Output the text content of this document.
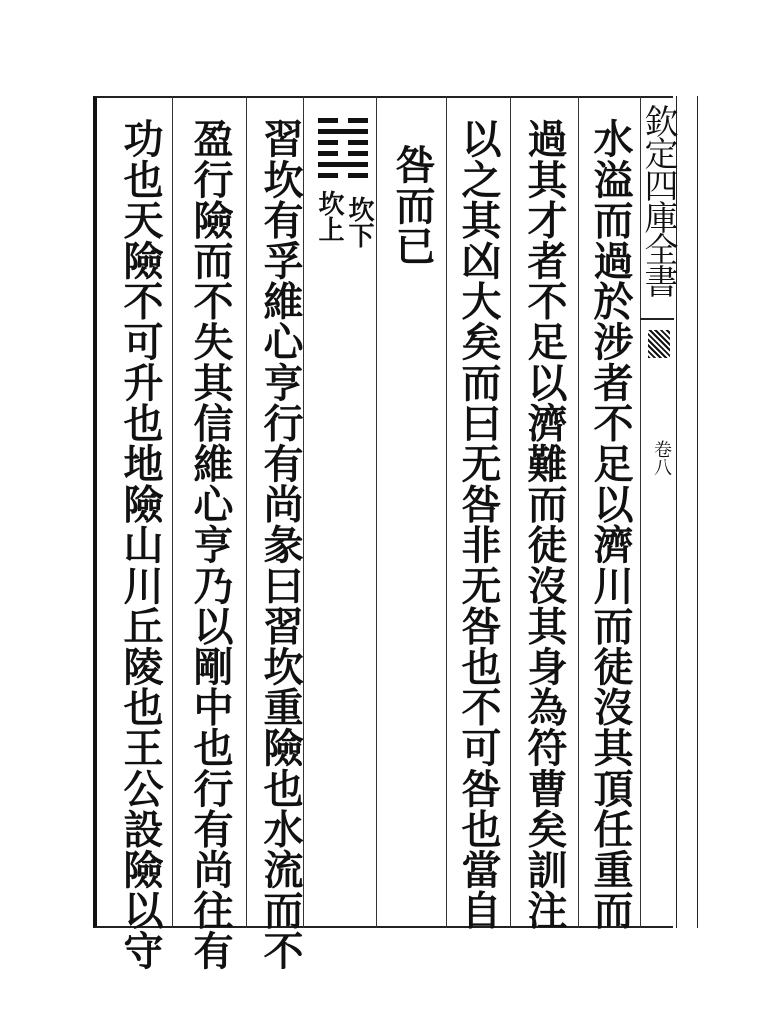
欽定四庫全書
卷八
水溢而過於涉者不足以濟川而徒沒其頂任重而
過其才者不足以濟難而徒沒其身為符曹矣訓注
以之其凶大矣而曰无咎非无咎也不可咎也當自
咎而已
坎下
坎上
習坎有孚維心亨行有尚彖曰習坎重險也水流而不
盈行險而不失其信維心亨乃以剛中也行有尚往有
功也天險不可升也地險山川丘陵也王公設險以守
